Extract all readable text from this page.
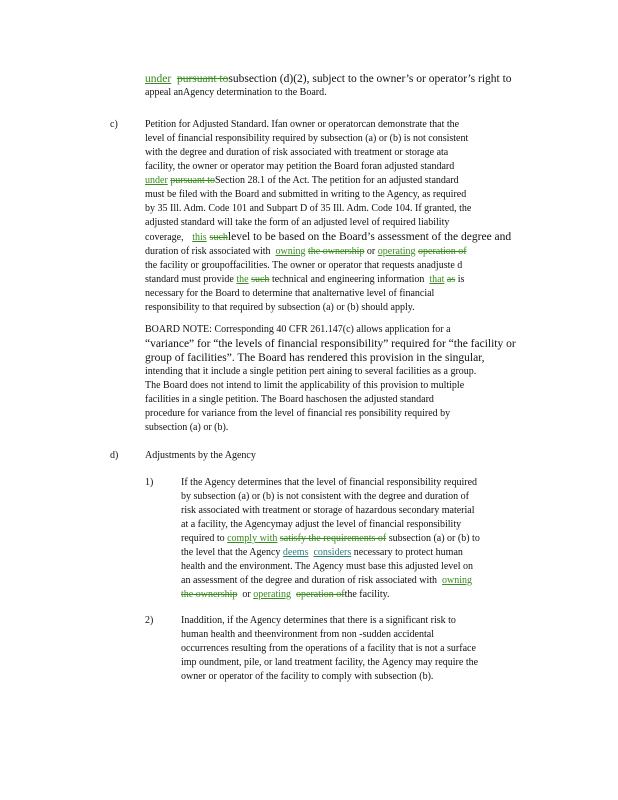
under pursuant tosubsection (d)(2), subject to the owner’s or operator’s right to
appeal anAgency determination to the Board.
c)	Petition for Adjusted Standard. Ifan owner or operatorcan demonstrate that the
level of financial responsibility required by subsection (a) or (b) is not consistent
with the degree and duration of risk associated with treatment or storage ata
facility, the owner or operator may petition the Board foran adjusted standard
under pursuant toSection 28.1 of the Act. The petition for an adjusted standard
must be filed with the Board and submitted in writing to the Agency, as required
by 35 Ill. Adm. Code 101 and Subpart D of 35 Ill. Adm. Code 104. If granted, the
adjusted standard will take the form of an adjusted level of required liability
coverage, this suchlevel to be based on the Board’s assessment of the degree and
duration of risk associated with owning the ownership or operating operation of
the facility or groupoffacilities. The owner or operator that requests anadjuste d
standard must provide the such technical and engineering information that as is
necessary for the Board to determine that analternative level of financial
responsibility to that required by subsection (a) or (b) should apply.
BOARD NOTE: Corresponding 40 CFR 261.147(c) allows application for a
“variance” for “the levels of financial responsibility” required for “the facility or
group of facilities”. The Board has rendered this provision in the singular,
intending that it include a single petition pert aining to several facilities as a group.
The Board does not intend to limit the applicability of this provision to multiple
facilities in a single petition. The Board haschosen the adjusted standard
procedure for variance from the level of financial res ponsibility required by
subsection (a) or (b).
d)	Adjustments by the Agency
1)	If the Agency determines that the level of financial responsibility required
by subsection (a) or (b) is not consistent with the degree and duration of
risk associated with treatment or storage of hazardous secondary material
at a facility, the Agencymay adjust the level of financial responsibility
required to comply with satisfy the requirements of subsection (a) or (b) to
the level that the Agency deems considers necessary to protect human
health and the environment. The Agency must base this adjusted level on
an assessment of the degree and duration of risk associated with owning
the ownership or operating operation ofthe facility.
2)	Inaddition, if the Agency determines that there is a significant risk to
human health and theenvironment from non -sudden accidental
occurrences resulting from the operations of a facility that is not a surface
imp oundment, pile, or land treatment facility, the Agency may require the
owner or operator of the facility to comply with subsection (b).
